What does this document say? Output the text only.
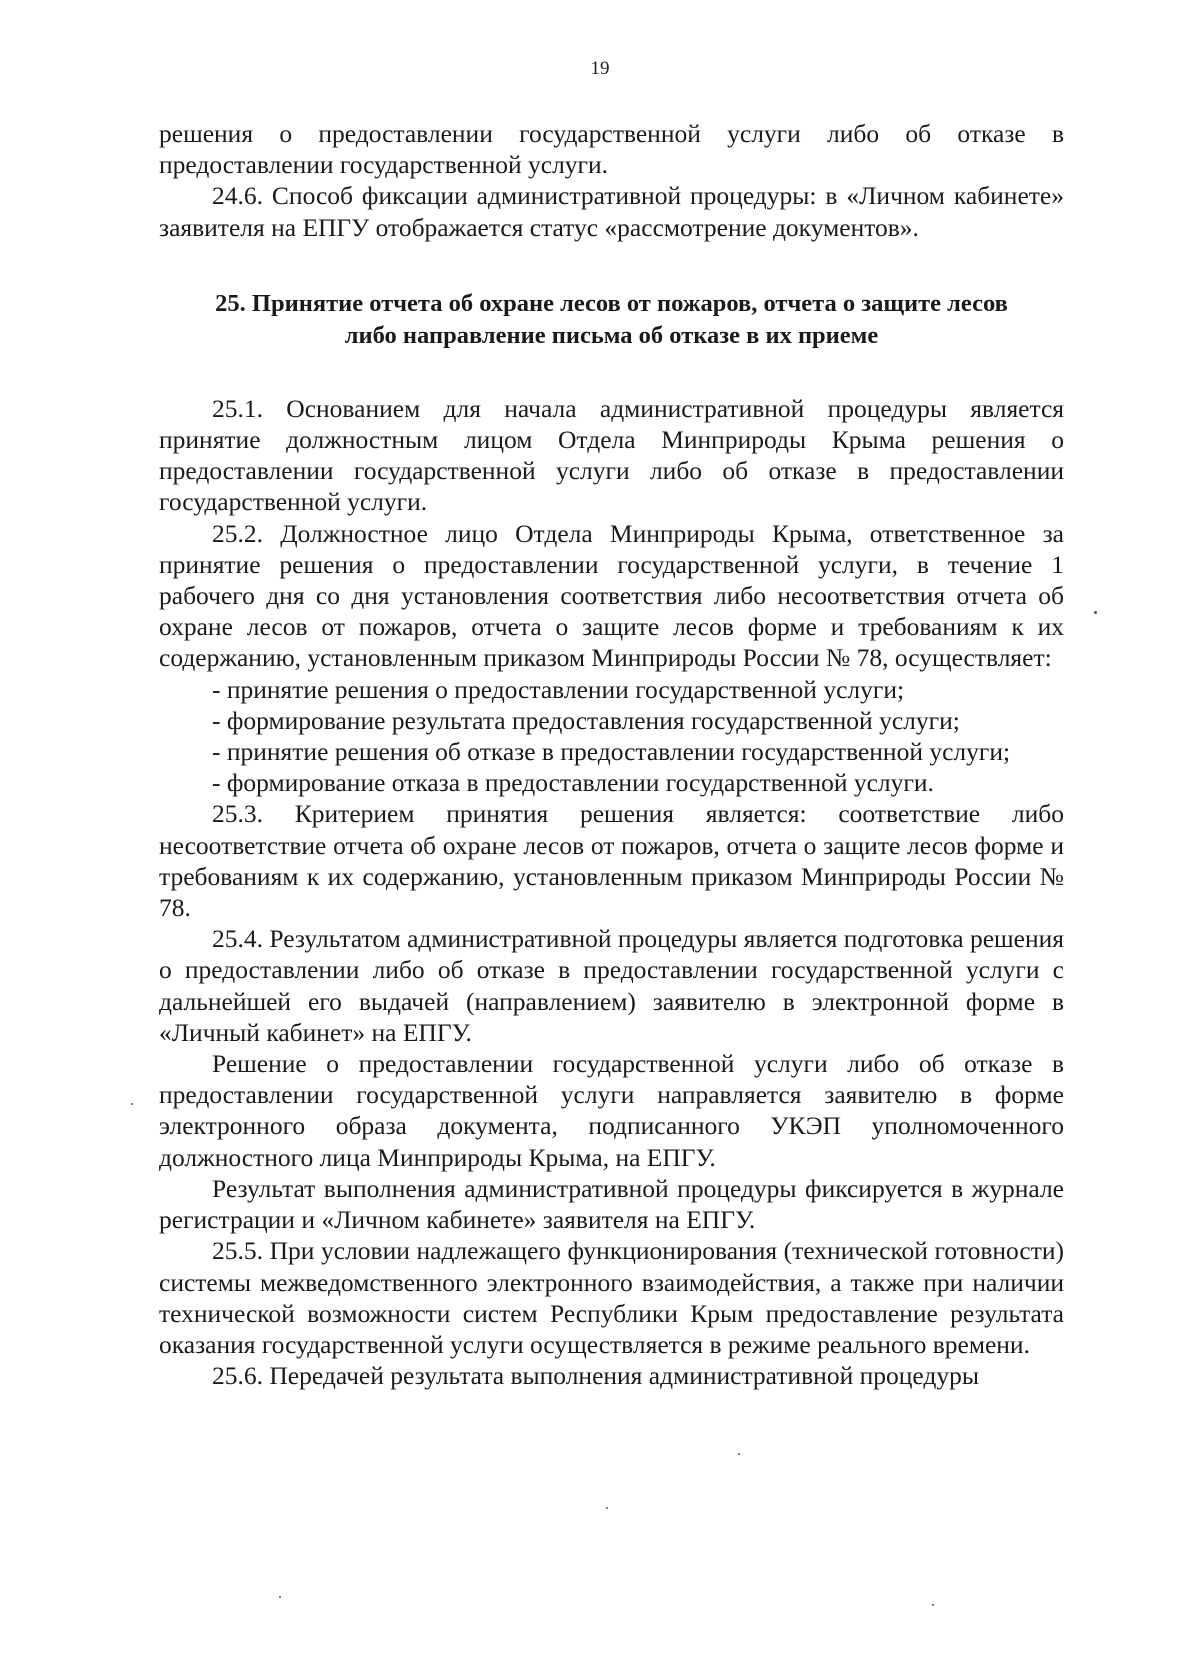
19

решения о предоставлении государственной услуги либо об отказе в предоставлении государственной услуги.

24.6. Способ фиксации административной процедуры: в «Личном кабинете» заявителя на ЕПГУ отображается статус «рассмотрение документов».

25. Принятие отчета об охране лесов от пожаров, отчета о защите лесов
либо направление письма об отказе в их приеме

25.1. Основанием для начала административной процедуры является принятие должностным лицом Отдела Минприроды Крыма решения о предоставлении государственной услуги либо об отказе в предоставлении государственной услуги.

25.2. Должностное лицо Отдела Минприроды Крыма, ответственное за принятие решения о предоставлении государственной услуги, в течение 1 рабочего дня со дня установления соответствия либо несоответствия отчета об охране лесов от пожаров, отчета о защите лесов форме и требованиям к их содержанию, установленным приказом Минприроды России № 78, осуществляет:

- принятие решения о предоставлении государственной услуги;

- формирование результата предоставления государственной услуги;

- принятие решения об отказе в предоставлении государственной услуги;

- формирование отказа в предоставлении государственной услуги.

25.3. Критерием принятия решения является: соответствие либо несоответствие отчета об охране лесов от пожаров, отчета о защите лесов форме и требованиям к их содержанию, установленным приказом Минприроды России № 78.

25.4. Результатом административной процедуры является подготовка решения о предоставлении либо об отказе в предоставлении государственной услуги с дальнейшей его выдачей (направлением) заявителю в электронной форме в «Личный кабинет» на ЕПГУ.

Решение о предоставлении государственной услуги либо об отказе в предоставлении государственной услуги направляется заявителю в форме электронного образа документа, подписанного УКЭП уполномоченного должностного лица Минприроды Крыма, на ЕПГУ.

Результат выполнения административной процедуры фиксируется в журнале регистрации и «Личном кабинете» заявителя на ЕПГУ.

25.5. При условии надлежащего функционирования (технической готовности) системы межведомственного электронного взаимодействия, а также при наличии технической возможности систем Республики Крым предоставление результата оказания государственной услуги осуществляется в режиме реального времени.

25.6. Передачей результата выполнения административной процедуры
